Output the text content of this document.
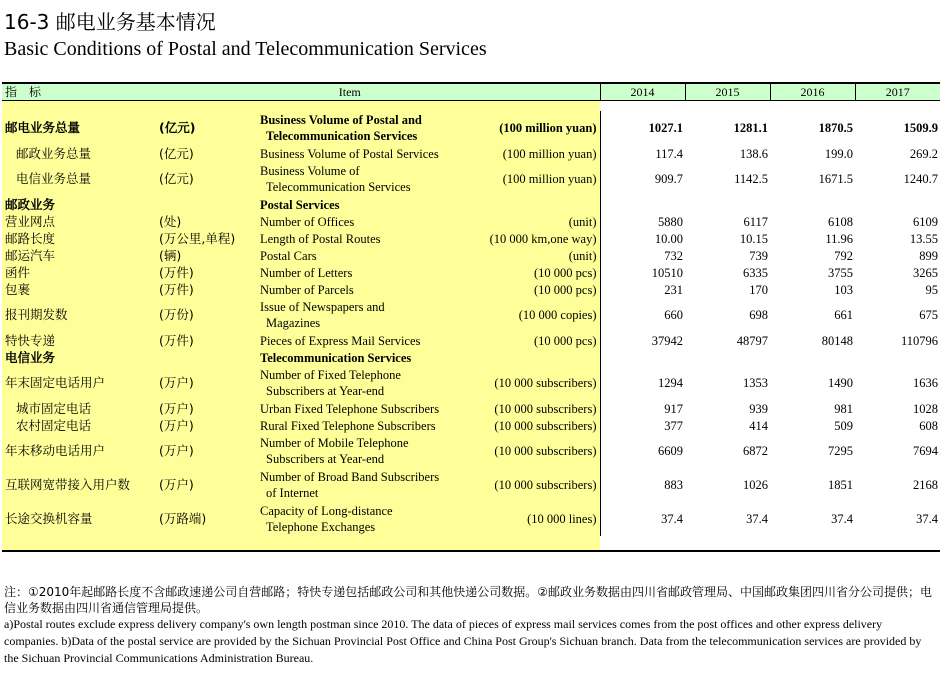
16-3 邮电业务基本情况
Basic Conditions of Postal and Telecommunication Services
指　标		Item		2014	2015	2016	2017

邮电业务总量	(亿元)	Business Volume of Postal and
Telecommunication Services	(100 million yuan)	1027.1	1281.1	1870.5	1509.9
邮政业务总量	(亿元)	Business Volume of Postal Services	(100 million yuan)	117.4	138.6	199.0	269.2
电信业务总量	(亿元)	Business Volume of
Telecommunication Services	(100 million yuan)	909.7	1142.5	1671.5	1240.7
邮政业务		Postal Services					

营业网点	(处)	Number of Offices	(unit)	5880	6117	6108	6109
邮路长度	(万公里,单程)	Length of Postal Routes	(10 000 km,one way)	10.00	10.15	11.96	13.55
邮运汽车	(辆)	Postal Cars	(unit)	732	739	792	899
函件	(万件)	Number of Letters	(10 000 pcs)	10510	6335	3755	3265
包裹	(万件)	Number of Parcels	(10 000 pcs)	231	170	103	95
报刊期发数	(万份)	Issue of Newspapers and
Magazines	(10 000 copies)	660	698	661	675
特快专递	(万件)	Pieces of Express Mail Services	(10 000 pcs)	37942	48797	80148	110796
电信业务		Telecommunication Services					

年末固定电话用户	(万户)	Number of Fixed Telephone
Subscribers at Year-end	(10 000 subscribers)	1294	1353	1490	1636
城市固定电话	(万户)	Urban Fixed Telephone Subscribers	(10 000 subscribers)	917	939	981	1028
农村固定电话	(万户)	Rural Fixed Telephone Subscribers	(10 000 subscribers)	377	414	509	608
年末移动电话用户	(万户)	Number of Mobile Telephone
Subscribers at Year-end	(10 000 subscribers)	6609	6872	7295	7694
互联网宽带接入用户数	(万户)	Number of Broad Band Subscribers
of Internet	(10 000 subscribers)	883	1026	1851	2168
长途交换机容量	(万路端)	Capacity of Long-distance
Telephone Exchanges	(10 000 lines)	37.4	37.4	37.4	37.4

注：①2010年起邮路长度不含邮政速递公司自营邮路；特快专递包括邮政公司和其他快递公司数据。②邮政业务数据由四川省邮政管理局、中国邮政集团四川省分公司提供；电信业务数据由四川省通信管理局提供。
a)Postal routes exclude express delivery company's own length postman since 2010. The data of pieces of express mail services comes from the post offices and other express delivery companies. b)Data of the postal service are provided by the Sichuan Provincial Post Office and China Post Group's Sichuan branch. Data from the telecommunication services are provided by the Sichuan Provincial Communications Administration Bureau.
